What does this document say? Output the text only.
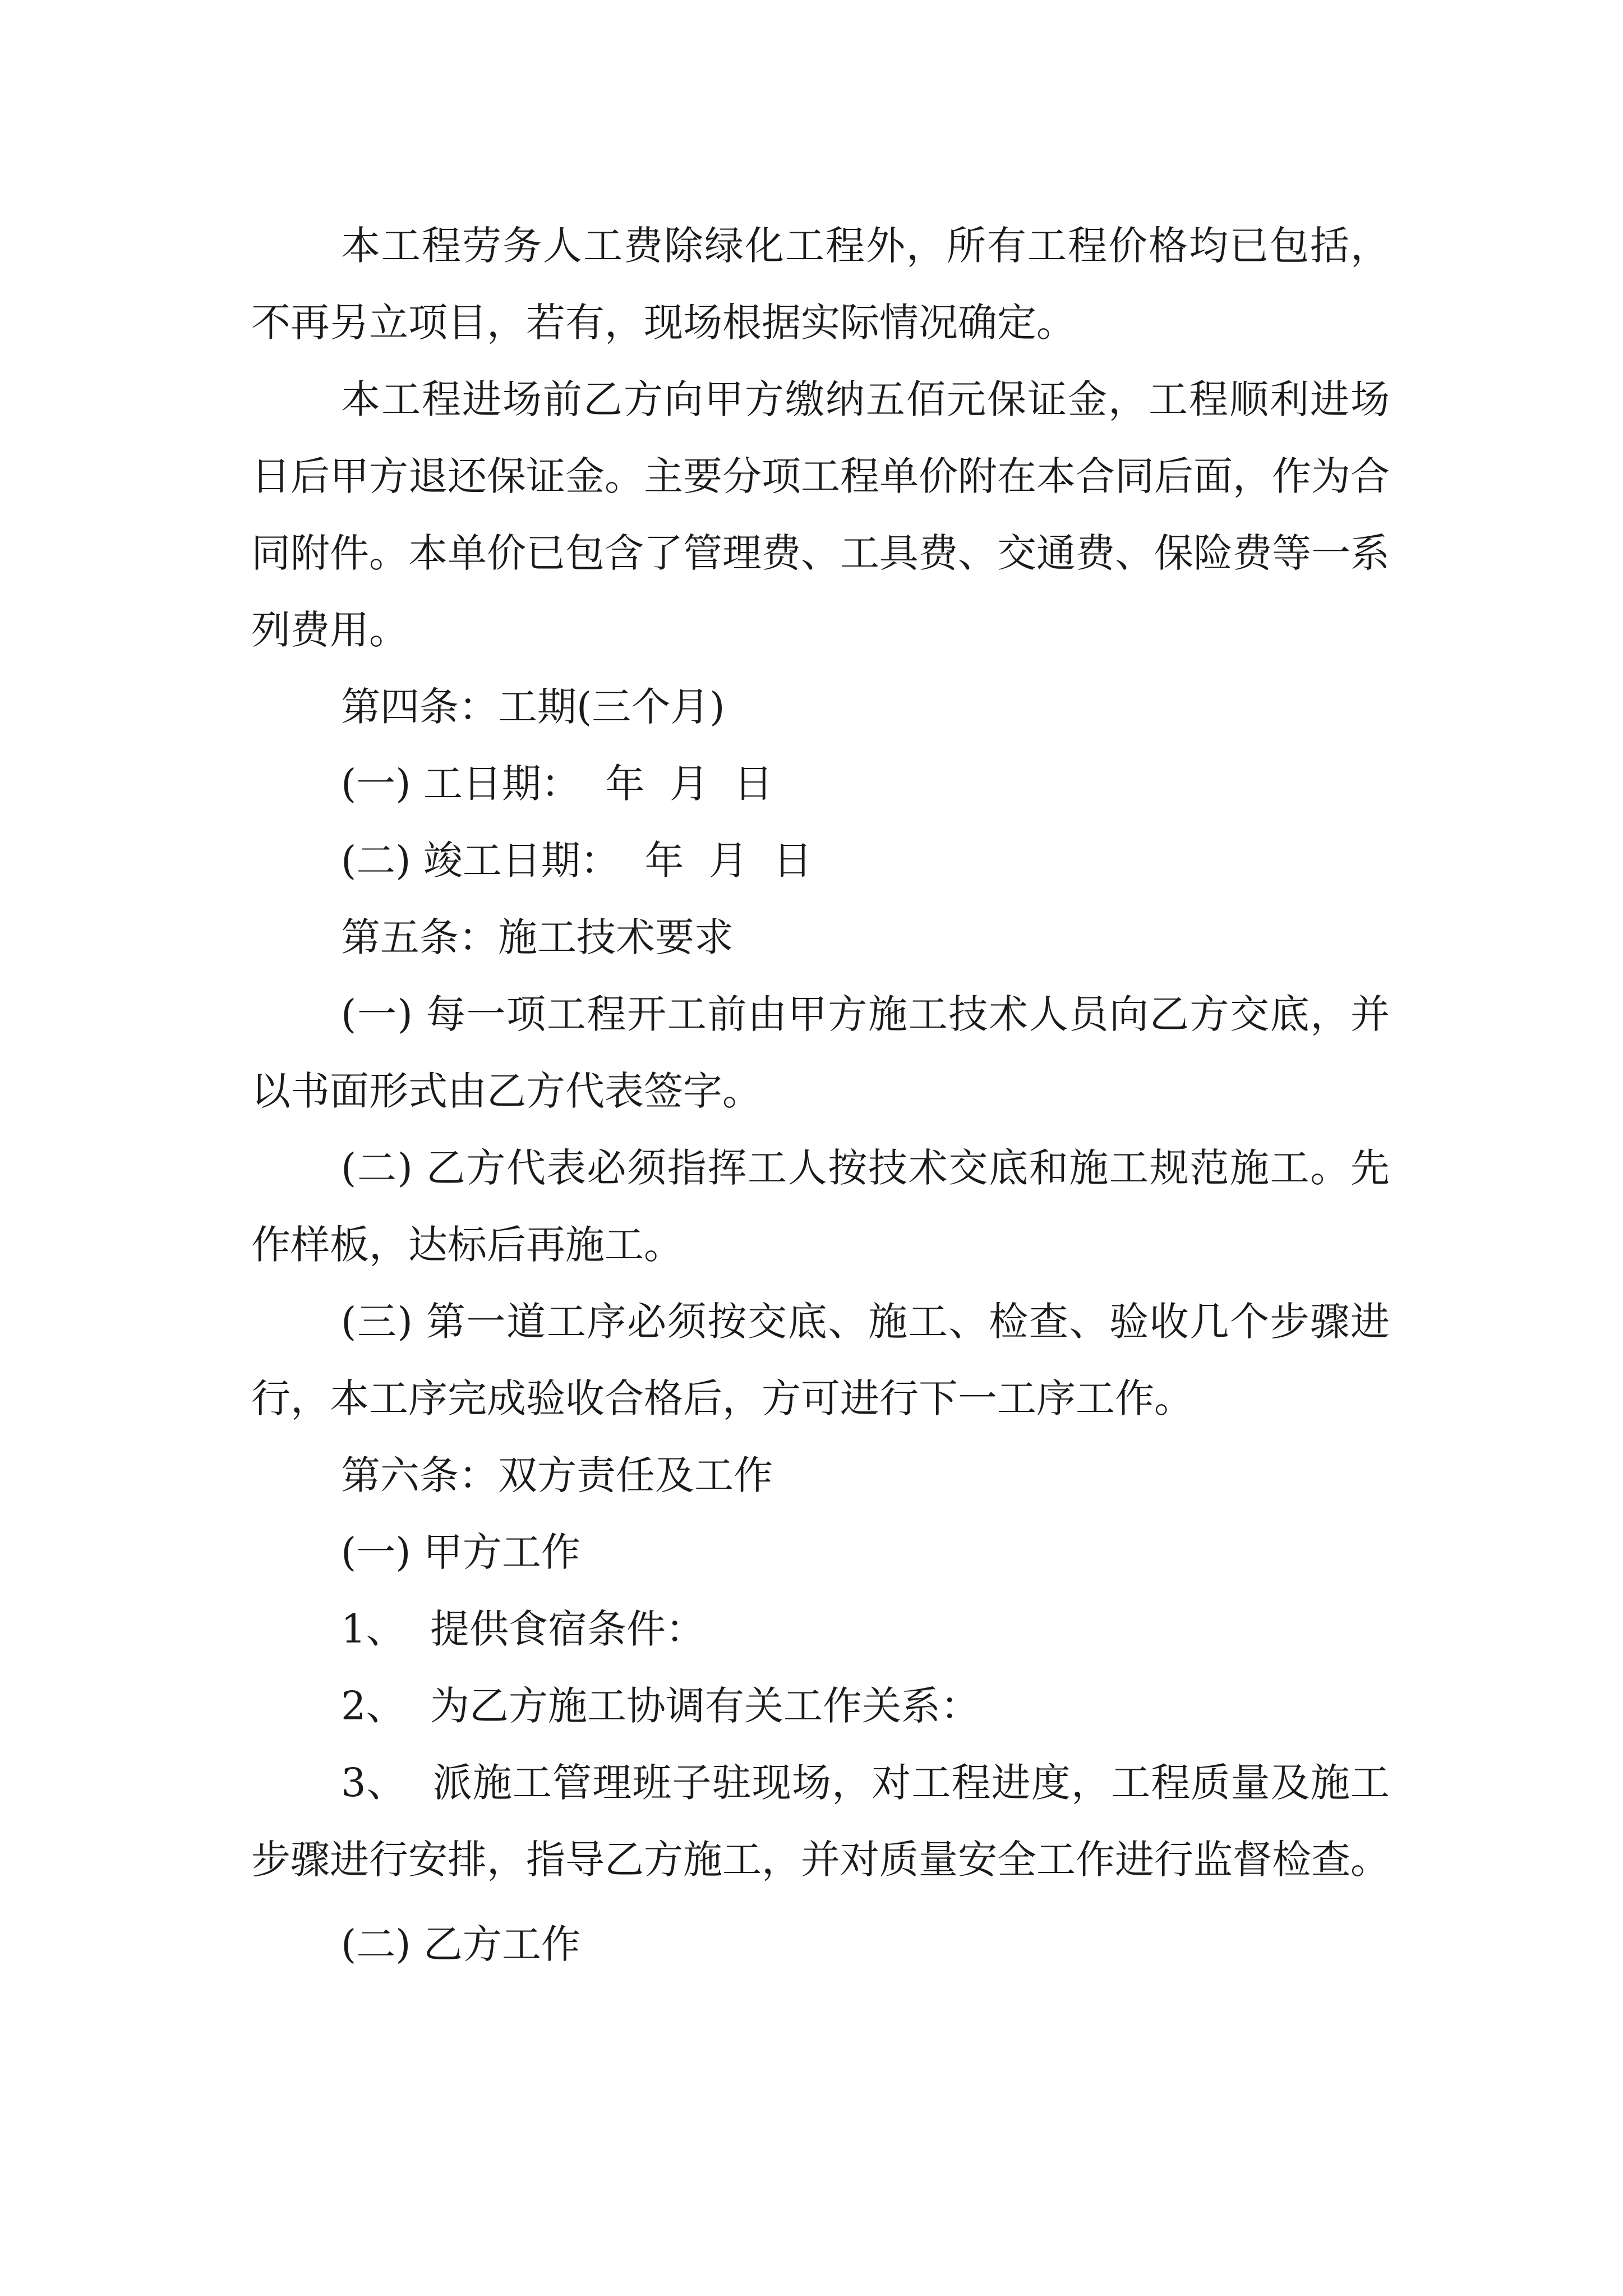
本工程劳务人工费除绿化工程外，所有工程价格均已包括，不再另立项目，若有，现场根据实际情况确定。

本工程进场前乙方向甲方缴纳五佰元保证金，工程顺利进场  日后甲方退还保证金。主要分项工程单价附在本合同后面，作为合同附件。本单价已包含了管理费、工具费、交通费、保险费等一系列费用。

第四条：工期(三个月)

(一) 工日期：  年  月  日

(二) 竣工日期：  年  月  日

第五条：施工技术要求

(一) 每一项工程开工前由甲方施工技术人员向乙方交底，并以书面形式由乙方代表签字。

(二) 乙方代表必须指挥工人按技术交底和施工规范施工。先作样板，达标后再施工。

(三) 第一道工序必须按交底、施工、检查、验收几个步骤进行，本工序完成验收合格后，方可进行下一工序工作。

第六条：双方责任及工作

(一) 甲方工作

1、  提供食宿条件：

2、  为乙方施工协调有关工作关系：

3、  派施工管理班子驻现场，对工程进度，工程质量及施工步骤进行安排，指导乙方施工，并对质量安全工作进行监督检查。

(二) 乙方工作
